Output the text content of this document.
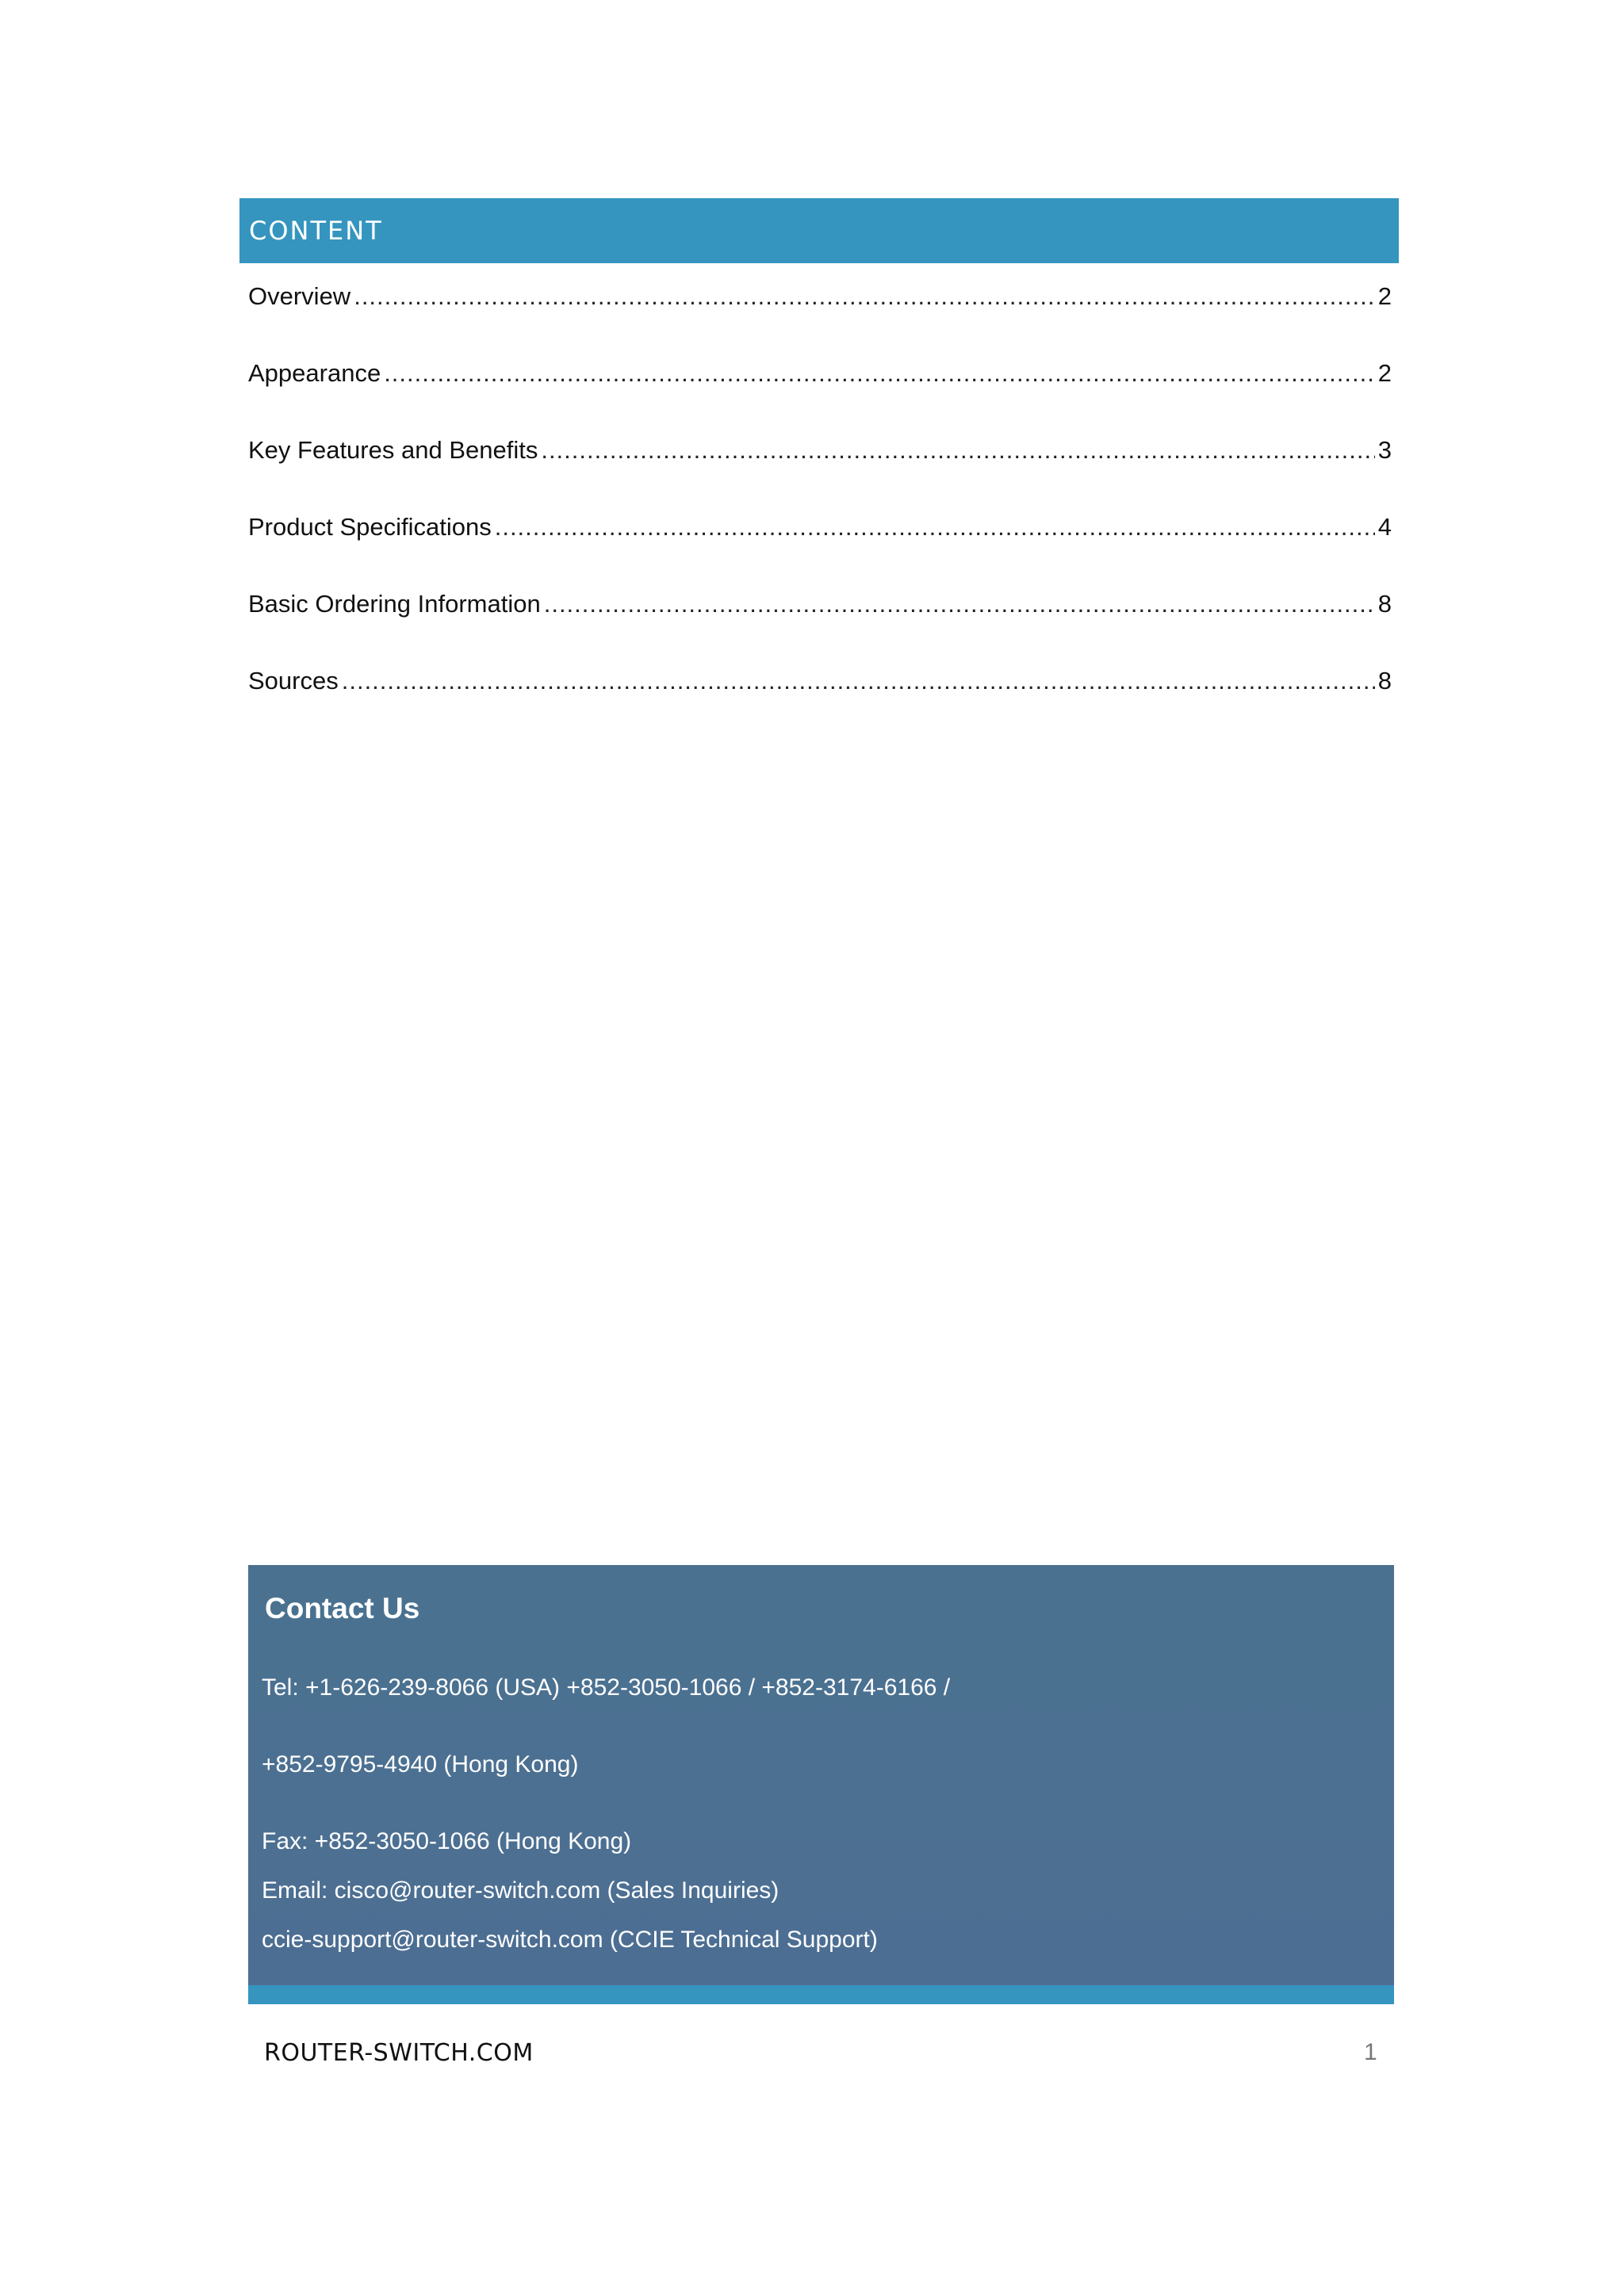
CONTENT
Overview .....	2
Appearance .....	2
Key Features and Benefits .....	3
Product Specifications .....	4
Basic Ordering Information .....	8
Sources .....	8
Contact Us
Tel: +1-626-239-8066 (USA) +852-3050-1066 / +852-3174-6166 /
+852-9795-4940 (Hong Kong)
Fax: +852-3050-1066 (Hong Kong)
Email: cisco@router-switch.com (Sales Inquiries)
ccie-support@router-switch.com (CCIE Technical Support)
ROUTER-SWITCH.COM	1
